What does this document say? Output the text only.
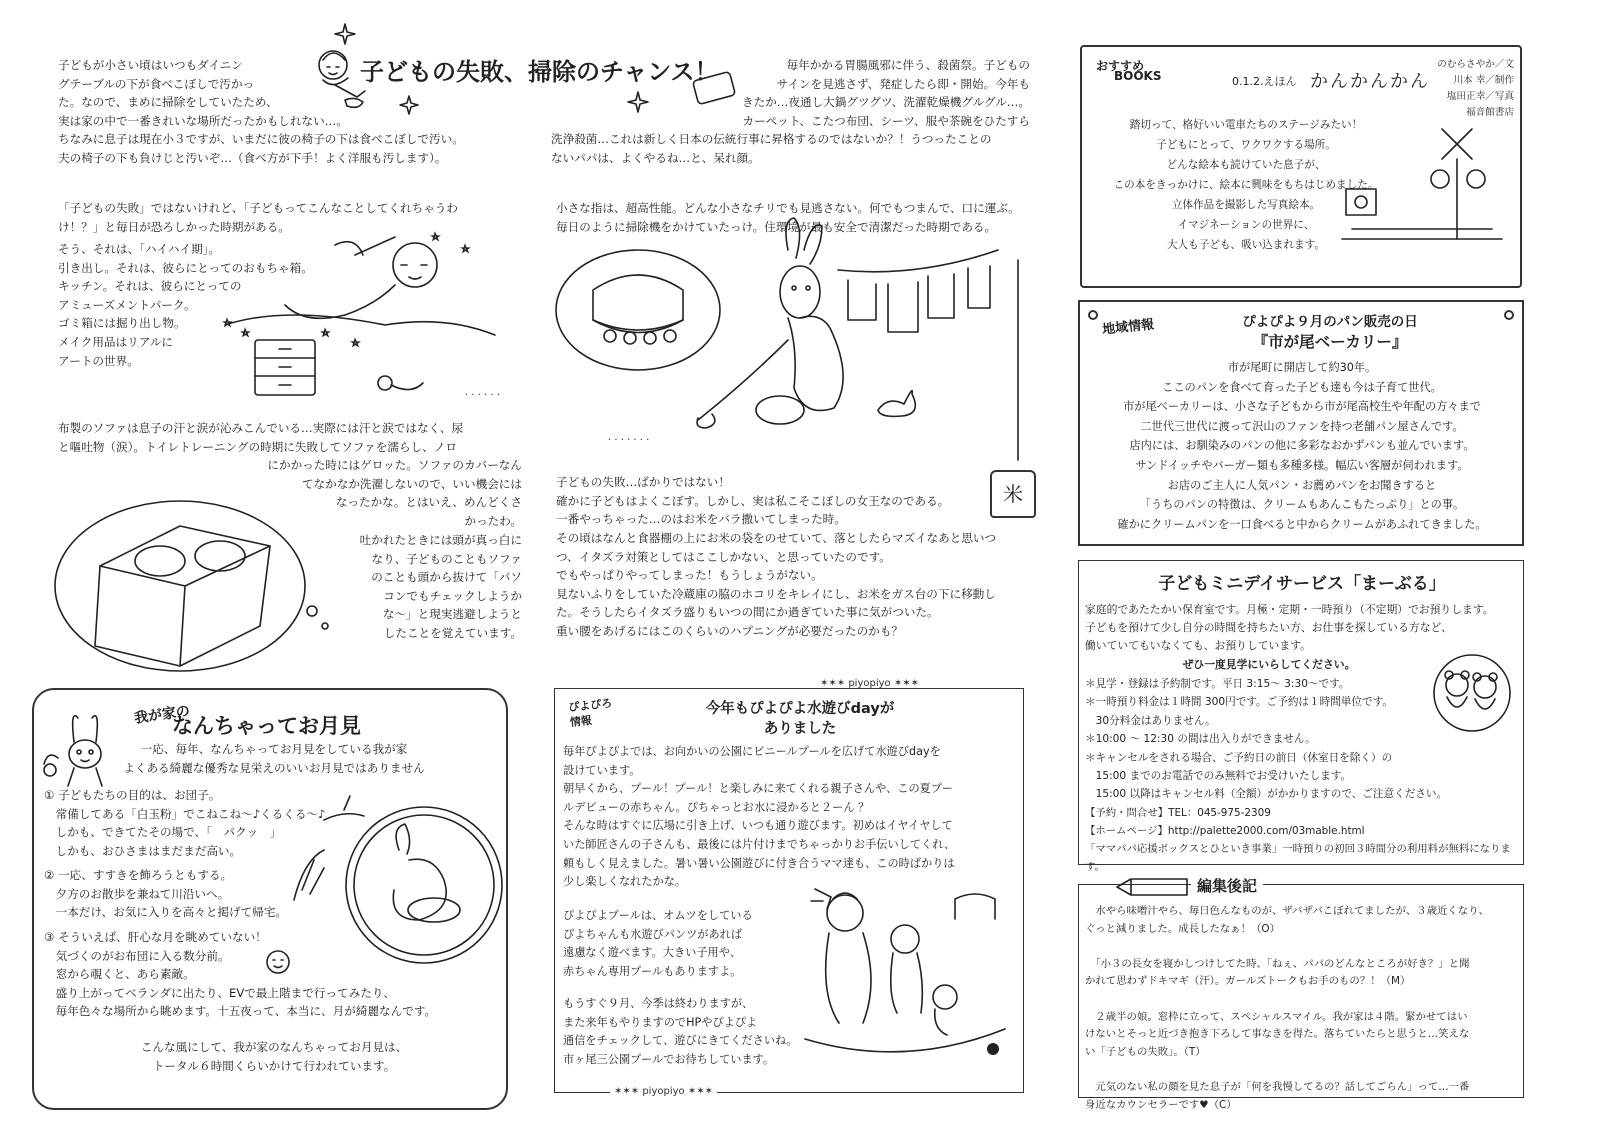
子どもの失敗、掃除のチャンス！
子どもが小さい頃はいつもダイニン
グテーブルの下が食べこぼしで汚かっ
た。なので、まめに掃除をしていたため、
実は家の中で一番きれいな場所だったかもしれない…。
ちなみに息子は現在小３ですが、いまだに彼の椅子の下は食べこぼしで汚い。
夫の椅子の下も負けじと汚いぞ…（食べ方が下手！よく洋服も汚します）。
「子どもの失敗」ではないけれど、「子どもってこんなことしてくれちゃうわ
け！？」と毎日が恐ろしかった時期がある。
そう、それは、「ハイハイ期」。
引き出し。それは、彼らにとってのおもちゃ箱。
キッチン。それは、彼らにとっての
アミューズメントパーク。
ゴミ箱には掘り出し物。
メイク用品はリアルに
アートの世界。
. . . . . .
布製のソファは息子の汗と涙が沁みこんでいる…実際には汗と涙ではなく、尿
と嘔吐物（涙）。トイレトレーニングの時期に失敗してソファを濡らし、ノロ
にかかった時にはゲロッた。ソファのカバーなん
てなかなか洗濯しないので、いい機会には
なったかな。とはいえ、めんどくさ
かったわ。
吐かれたときには頭が真っ白に
なり、子どものこともソファ
のことも頭から抜けて「パソ
コンでもチェックしようか
な～」と現実逃避しようと
したことを覚えています。
我が家の
なんちゃってお月見
一応、毎年、なんちゃってお月見をしている我が家
よくある綺麗な優秀な見栄えのいいお月見ではありません
① 子どもたちの目的は、お団子。
　常備してある「白玉粉」でこねこね～♪くるくる～♪
　しかも、できてたその場で、「　パクッ　」
　しかも、おひさまはまだまだ高い。
② 一応、すすきを飾ろうともする。
　夕方のお散歩を兼ねて川沿いへ。
　一本だけ、お気に入りを高々と掲げて帰宅。
③ そういえば、肝心な月を眺めていない！
　気づくのがお布団に入る数分前。
　窓から覗くと、あら素敵。
　盛り上がってベランダに出たり、EVで最上階まで行ってみたり、
　毎年色々な場所から眺めます。十五夜って、本当に、月が綺麗なんです。
こんな風にして、我が家のなんちゃってお月見は、
トータル６時間くらいかけて行われています。
毎年かかる胃腸風邪に伴う、殺菌祭。子どもの
サインを見逃さず、発症したら即・開始。今年も
きたか…夜通し大鍋グツグツ、洗濯乾燥機グルグル…。
カーペット、こたつ布団、シーツ、服や茶碗をひたすら
洗浄殺菌…これは新しく日本の伝統行事に昇格するのではないか？！うつったことの
ないパパは、よくやるね…と、呆れ顔。
小さな指は、超高性能。どんな小さなチリでも見逃さない。何でもつまんで、口に運ぶ。
毎日のように掃除機をかけていたっけ。住環境が最も安全で清潔だった時期である。
. . . . . . .
子どもの失敗…ばかりではない！
確かに子どもはよくこぼす。しかし、実は私こそこぼしの女王なのである。
一番やっちゃった…のはお米をバラ撒いてしまった時。
その頃はなんと食器棚の上にお米の袋をのせていて、落としたらマズイなあと思いつ
つ、イタズラ対策としてはここしかない、と思っていたのです。
でもやっぱりやってしまった！もうしょうがない。
見ないふりをしていた冷蔵庫の脇のホコリをキレイにし、お米をガス台の下に移動し
た。そうしたらイタズラ盛りもいつの間にか過ぎていた事に気がついた。
重い腰をあげるにはこのくらいのハプニングが必要だったのかも？
米
✶✶✶ piyopiyo ✶✶✶
ぴよぴろ
情報
今年もぴよぴよ水遊びdayが
ありました
毎年ぴよぴよでは、お向かいの公園にビニールプールを広げて水遊びdayを
設けています。
朝早くから、プール！プール！と楽しみに来てくれる親子さんや、この夏プー
ルデビューの赤ちゃん。ぴちゃっとお水に浸かると２ーん ？
そんな時はすぐに広場に引き上げ、いつも通り遊びます。初めはイヤイヤして
いた師匠さんの子さんも、最後には片付けまでちゃっかりお手伝いしてくれ、
頼もしく見えました。暑い暑い公園遊びに付き合うママ達も、この時ばかりは
少し楽しくなれたかな。
ぴよぴよプールは、オムツをしている
ぴよちゃんも水遊びパンツがあれば
遠慮なく遊べます。大きい子用や、
赤ちゃん専用プールもありますよ。
もうすぐ９月、今季は終わりますが、
また来年もやりますのでHPやぴよぴよ
通信をチェックして、遊びにきてくださいね。
市ヶ尾三公園プールでお待ちしています。
✶✶✶ piyopiyo ✶✶✶
おすすめ
BOOKS	0.1.2.えほん かんかんかん
のむらさやか／文
川本 幸／制作
塩田正幸／写真
福音館書店
踏切って、格好いい電車たちのステージみたい！
子どもにとって、ワクワクする場所。
どんな絵本も読けていた息子が、
この本をきっかけに、絵本に興味をもちはじめました。
立体作品を撮影した写真絵本。
イマジネーションの世界に、
大人も子ども、吸い込まれます。
地域情報	ぴよぴよ９月のパン販売の日
『市が尾ベーカリー』
市が尾町に開店して約30年。
ここのパンを食べて育った子ども達も今は子育て世代。
市が尾ベーカリーは、小さな子どもから市が尾高校生や年配の方々まで
二世代三世代に渡って沢山のファンを持つ老舗パン屋さんです。
店内には、お馴染みのパンの他に多彩なおかずパンも並んでいます。
サンドイッチやバーガー類も多種多様。幅広い客層が伺われます。
お店のご主人に人気パン・お薦めパンをお聞きすると
「うちのパンの特徴は、クリームもあんこもたっぷり」との事。
確かにクリームパンを一口食べると中からクリームがあふれてきました。
子どもミニデイサービス「まーぶる」
家庭的であたたかい保育室です。月極・定期・一時預り（不定期）でお預りします。
子どもを預けて少し自分の時間を持ちたい方、お仕事を探している方など、
働いていてもいなくても、お預りしています。
ぜひ一度見学にいらしてください。
＊見学・登録は予約制です。平日 3:15～ 3:30～です。
＊一時預り料金は１時間 300円です。ご予約は１時間単位です。
　30分料金はありません。
＊10:00 ～ 12:30 の間は出入りができません。
＊キャンセルをされる場合、ご予約日の前日（休室日を除く）の
　15:00 までのお電話でのみ無料でお受けいたします。
　15:00 以降はキャンセル料（全額）がかかりますので、ご注意ください。
【予約・問合せ】TEL：045-975-2309
【ホームページ】http://palette2000.com/03mable.html
「ママパパ応援ボックスとひといき事業」一時預りの初回３時間分の利用料が無料になります。
編集後記
　水やら味噌汁やら、毎日色んなものが、ザバザバこぼれてましたが、３歳近くなり、
ぐっと減りました。成長したなぁ！（O）

　「小３の長女を寝かしつけしてた時、「ねぇ、パパのどんなところが好き？」と聞
かれて思わずドキマギ（汗）。ガールズトークもお手のもの？！（M）

　２歳半の娘。窓枠に立って、スペシャルスマイル。我が家は４階。緊かせてはい
けないとそっと近づき抱き下ろして事なきを得た。落ちていたらと思うと…笑えな
い「子どもの失敗」。（T）

　元気のない私の顔を見た息子が「何を我慢してるの？話してごらん」って…一番
身近なカウンセラーです♥（C）
